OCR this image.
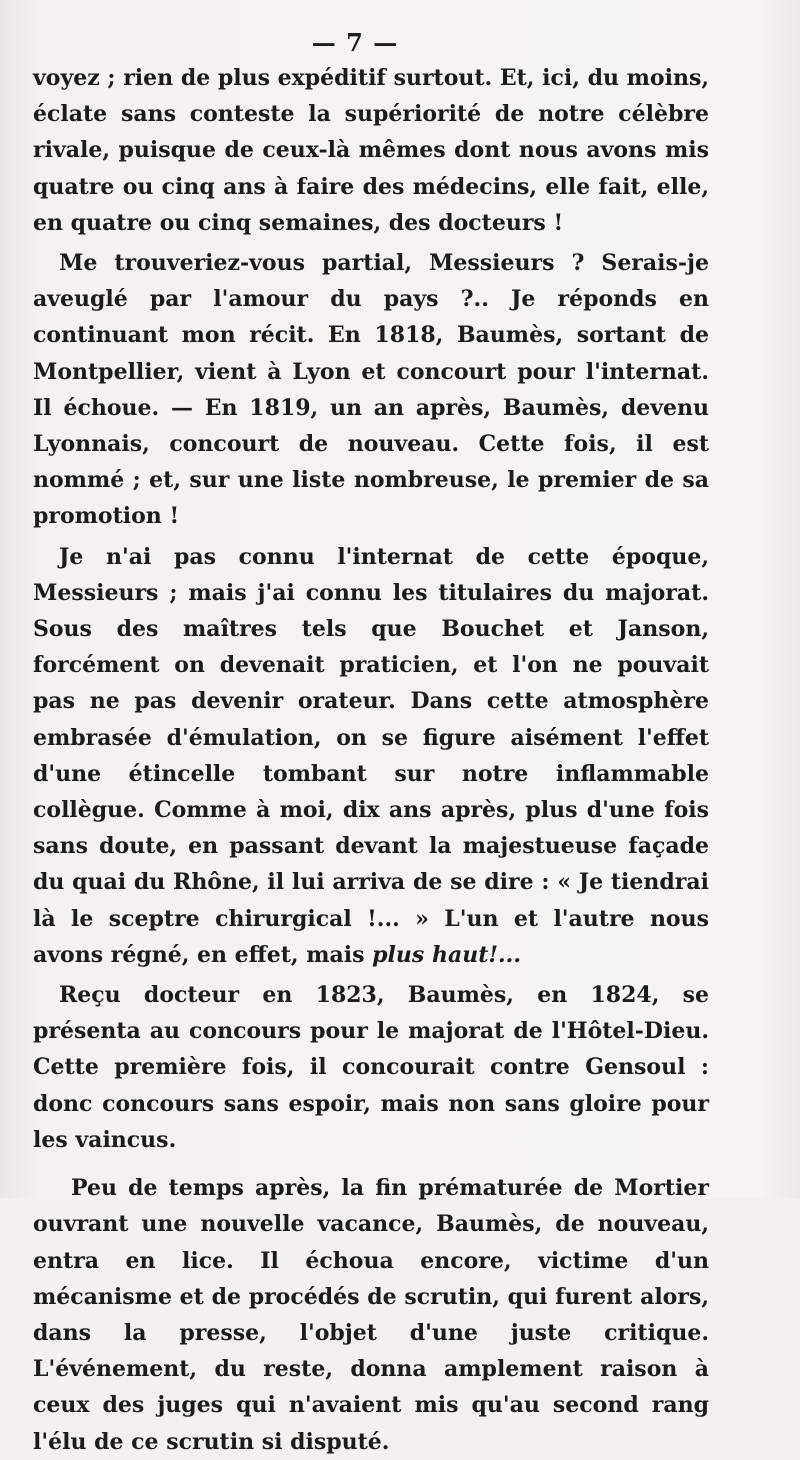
— 7 —

voyez ; rien de plus expéditif surtout. Et, ici, du moins, éclate sans conteste la supériorité de notre célèbre rivale, puisque de ceux-là mêmes dont nous avons mis quatre ou cinq ans à faire des médecins, elle fait, elle, en quatre ou cinq semaines, des docteurs !

Me trouveriez-vous partial, Messieurs ? Serais-je aveuglé par l'amour du pays ?.. Je réponds en continuant mon récit. En 1818, Baumès, sortant de Montpellier, vient à Lyon et concourt pour l'internat. Il échoue. — En 1819, un an après, Baumès, devenu Lyonnais, concourt de nouveau. Cette fois, il est nommé ; et, sur une liste nombreuse, le premier de sa promotion !

Je n'ai pas connu l'internat de cette époque, Messieurs ; mais j'ai connu les titulaires du majorat. Sous des maîtres tels que Bouchet et Janson, forcément on devenait praticien, et l'on ne pouvait pas ne pas devenir orateur. Dans cette atmosphère embrasée d'émulation, on se figure aisément l'effet d'une étincelle tombant sur notre inflammable collègue. Comme à moi, dix ans après, plus d'une fois sans doute, en passant devant la majestueuse façade du quai du Rhône, il lui arriva de se dire : « Je tiendrai là le sceptre chirurgical !... » L'un et l'autre nous avons régné, en effet, mais plus haut!...

Reçu docteur en 1823, Baumès, en 1824, se présenta au concours pour le majorat de l'Hôtel-Dieu. Cette première fois, il concourait contre Gensoul : donc concours sans espoir, mais non sans gloire pour les vaincus.

Peu de temps après, la fin prématurée de Mortier ouvrant une nouvelle vacance, Baumès, de nouveau, entra en lice. Il échoua encore, victime d'un mécanisme et de procédés de scrutin, qui furent alors, dans la presse, l'objet d'une juste critique. L'événement, du reste, donna amplement raison à ceux des juges qui n'avaient mis qu'au second rang l'élu de ce scrutin si disputé.
